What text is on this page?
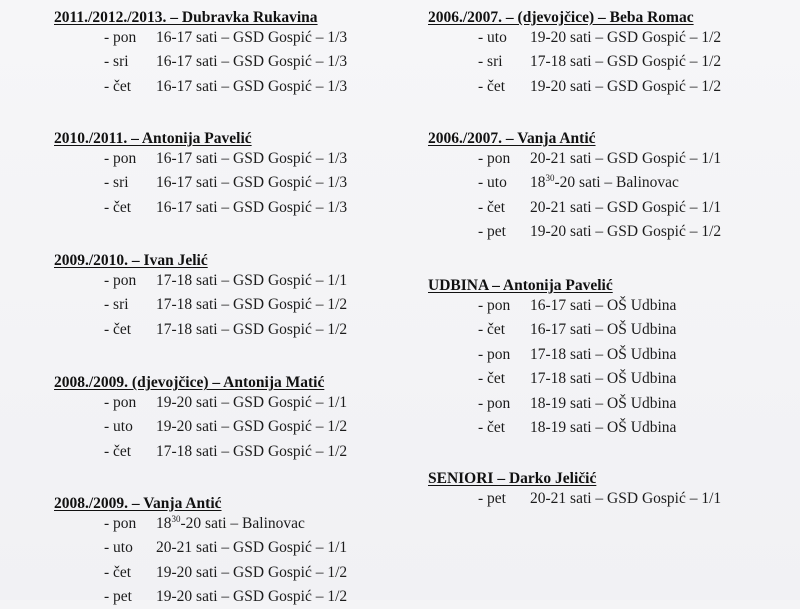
2011./2012./2013. – Dubravka Rukavina
- pon	16-17 sati – GSD Gospić – 1/3
- sri	16-17 sati – GSD Gospić – 1/3
- čet	16-17 sati – GSD Gospić – 1/3
2010./2011. – Antonija Pavelić
- pon	16-17 sati – GSD Gospić – 1/3
- sri	16-17 sati – GSD Gospić – 1/3
- čet	16-17 sati – GSD Gospić – 1/3
2009./2010. – Ivan Jelić
- pon	17-18 sati – GSD Gospić – 1/1
- sri	17-18 sati – GSD Gospić – 1/2
- čet	17-18 sati – GSD Gospić – 1/2
2008./2009. (djevojčice) – Antonija Matić
- pon	19-20 sati – GSD Gospić – 1/1
- uto	19-20 sati – GSD Gospić – 1/2
- čet	17-18 sati – GSD Gospić – 1/2
2008./2009. – Vanja Antić
- pon	$18^{30}-20$ sati – Balinovac
- uto	20-21 sati – GSD Gospić – 1/1
- čet	19-20 sati – GSD Gospić – 1/2
- pet	19-20 sati – GSD Gospić – 1/2
2006./2007. – (djevojčice) – Beba Romac
- uto	19-20 sati – GSD Gospić – 1/2
- sri	17-18 sati – GSD Gospić – 1/2
- čet	19-20 sati – GSD Gospić – 1/2
2006./2007. – Vanja Antić
- pon	20-21 sati – GSD Gospić – 1/1
- uto	$18^{30}-20$ sati – Balinovac
- čet	20-21 sati – GSD Gospić – 1/1
- pet	19-20 sati – GSD Gospić – 1/2
UDBINA – Antonija Pavelić
- pon	16-17 sati – OŠ Udbina
- čet	16-17 sati – OŠ Udbina
- pon	17-18 sati – OŠ Udbina
- čet	17-18 sati – OŠ Udbina
- pon	18-19 sati – OŠ Udbina
- čet	18-19 sati – OŠ Udbina
SENIORI – Darko Jeličić
- pet	20-21 sati – GSD Gospić – 1/1
